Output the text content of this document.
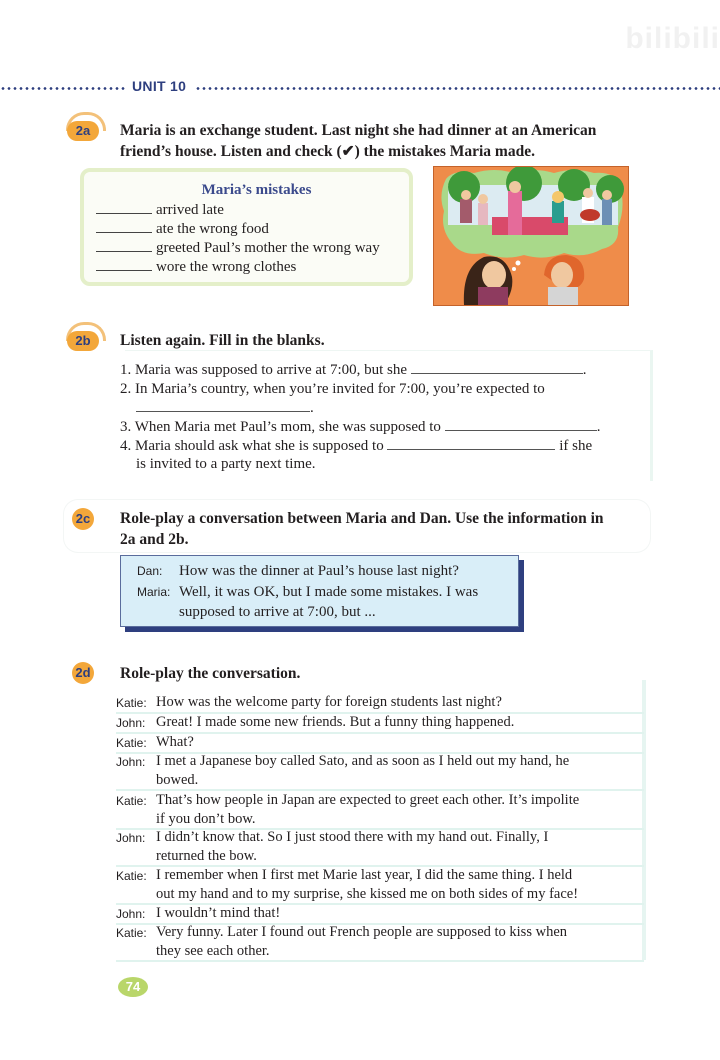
bilibili
UNIT 10
2a	Maria is an exchange student. Last night she had dinner at an American
friend’s house. Listen and check (✔) the mistakes Maria made.
Maria’s mistakes
arrived late
ate the wrong food
greeted Paul’s mother the wrong way
wore the wrong clothes
2b	Listen again. Fill in the blanks.
1. Maria was supposed to arrive at 7:00, but she	.
2. In Maria’s country, when you’re invited for 7:00, you’re expected to
.
3. When Maria met Paul’s mom, she was supposed to	.
4. Maria should ask what she is supposed to	if she
is invited to a party next time.
2c Role-play a conversation between Maria and Dan. Use the information in
2a and 2b.
Dan: How was the dinner at Paul’s house last night?
Maria: Well, it was OK, but I made some mistakes. I was
supposed to arrive at 7:00, but ...
2d Role-play the conversation.
Katie: How was the welcome party for foreign students last night?
John: Great! I made some new friends. But a funny thing happened.
Katie: What?
John: I met a Japanese boy called Sato, and as soon as I held out my hand, he
bowed.
Katie: That’s how people in Japan are expected to greet each other. It’s impolite
if you don’t bow.
John: I didn’t know that. So I just stood there with my hand out. Finally, I
returned the bow.
Katie: I remember when I first met Marie last year, I did the same thing. I held
out my hand and to my surprise, she kissed me on both sides of my face!
John: I wouldn’t mind that!
Katie: Very funny. Later I found out French people are supposed to kiss when
they see each other.
74
